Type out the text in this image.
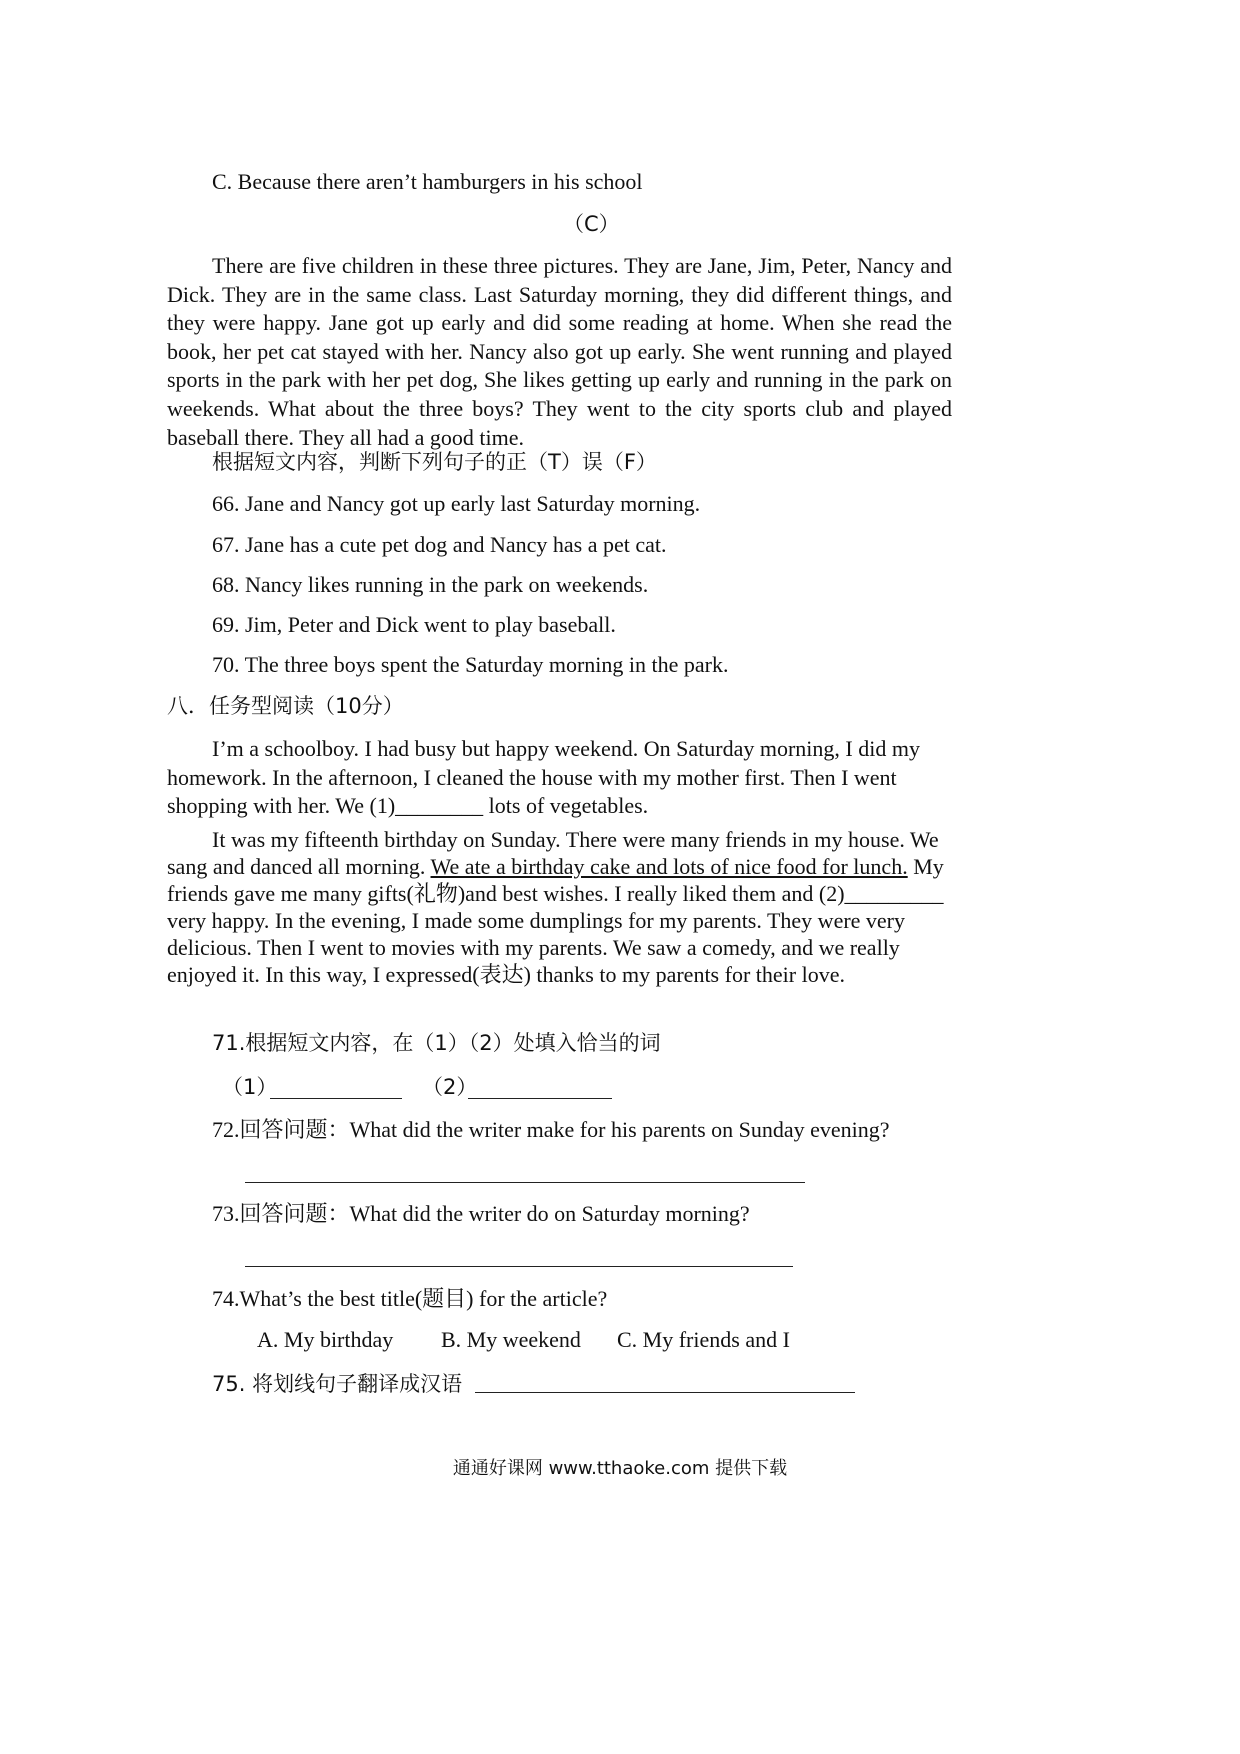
C. Because there aren’t hamburgers in his school
（C）

There are five children in these three pictures. They are Jane, Jim, Peter, Nancy and Dick. They are in the same class. Last Saturday morning, they did different things, and they were happy. Jane got up early and did some reading at home. When she read the book, her pet cat stayed with her. Nancy also got up early. She went running and played sports in the park with her pet dog, She likes getting up early and running in the park on weekends. What about the three boys? They went to the city sports club and played baseball there. They all had a good time.

根据短文内容，判断下列句子的正（T）误（F）
66. Jane and Nancy got up early last Saturday morning.
67. Jane has a cute pet dog and Nancy has a pet cat.
68. Nancy likes running in the park on weekends.
69. Jim, Peter and Dick went to play baseball.
70. The three boys spent the Saturday morning in the park.
八．任务型阅读（10分）

I’m a schoolboy. I had busy but happy weekend. On Saturday morning, I did my homework. In the afternoon, I cleaned the house with my mother first. Then I went shopping with her. We (1)________ lots of vegetables.

It was my fifteenth birthday on Sunday. There were many friends in my house. We sang and danced all morning. We ate a birthday cake and lots of nice food for lunch. My friends gave me many gifts(礼物)and best wishes. I really liked them and (2)_________ very happy. In the evening, I made some dumplings for my parents. They were very delicious. Then I went to movies with my parents. We saw a comedy, and we really enjoyed it. In this way, I expressed(表达) thanks to my parents for their love.

71.根据短文内容，在（1）（2）处填入恰当的词
（1）	（2）
72.回答问题：What did the writer make for his parents on Sunday evening?
73.回答问题：What did the writer do on Saturday morning?
74.What’s the best title(题目) for the article?
A. My birthday B. My weekend C. My friends and I
75. 将划线句子翻译成汉语
通通好课网 www.tthaoke.com 提供下载
